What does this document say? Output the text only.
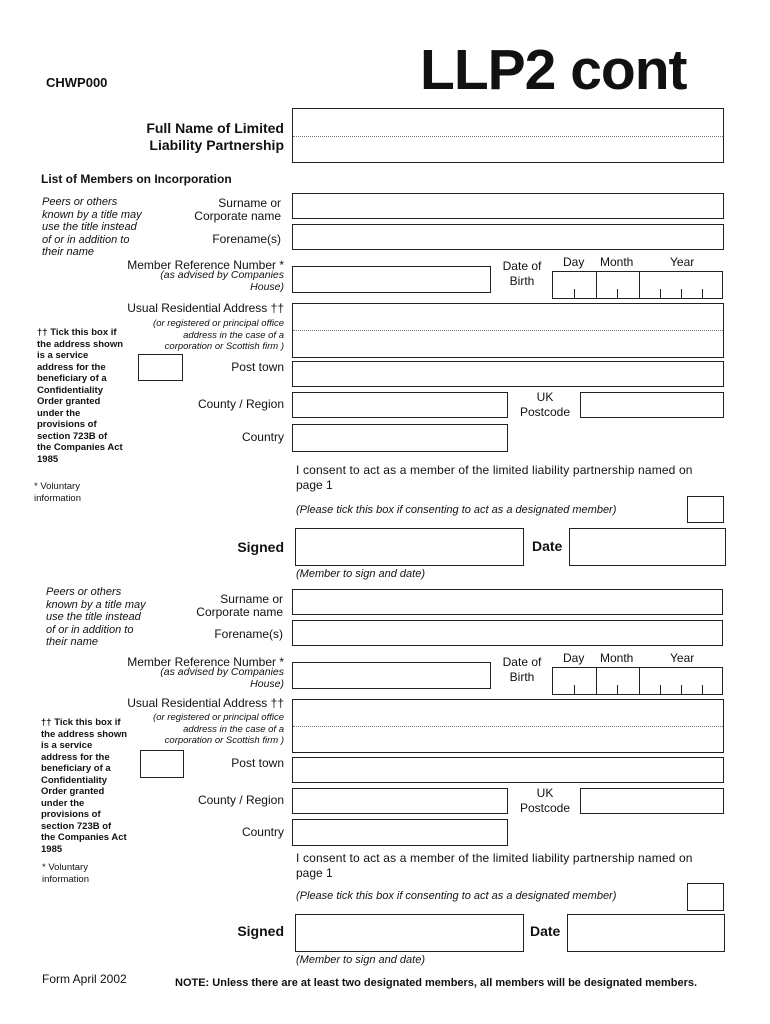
CHWP000	LLP2 cont
Full Name of Limited
Liability Partnership
List of Members on Incorporation
Peers or others
known by a title may
use the title instead
of or in addition to
their name
Surname or
Corporate name
Forename(s)
Member Reference Number *
(as advised by Companies
House)
Date of
Birth
Day Month	Year
Usual Residential Address ††
(or registered or principal office
address in the case of a
corporation or Scottish firm )
†† Tick this box if
the address shown
is a service
address for the
beneficiary of a
Confidentiality
Order granted
under the
provisions of
section 723B of
the Companies Act
1985
Post town
County / Region	UK
Postcode
Country
* Voluntary
information
I consent to act as a member of the limited liability partnership named on
page 1
(Please tick this box if consenting to act as a designated member)
Signed	Date
(Member to sign and date)
Peers or others
known by a title may
use the title instead
of or in addition to
their name
Surname or
Corporate name
Forename(s)
Member Reference Number *
(as advised by Companies
House)
Date of
Birth
Day Month	Year
Usual Residential Address ††
(or registered or principal office
address in the case of a
corporation or Scottish firm )
†† Tick this box if
the address shown
is a service
address for the
beneficiary of a
Confidentiality
Order granted
under the
provisions of
section 723B of
the Companies Act
1985
Post town
County / Region	UK
Postcode
Country
* Voluntary
information
I consent to act as a member of the limited liability partnership named on
page 1
(Please tick this box if consenting to act as a designated member)
Signed	Date
(Member to sign and date)
Form April 2002	NOTE: Unless there are at least two designated members, all members will be designated members.
